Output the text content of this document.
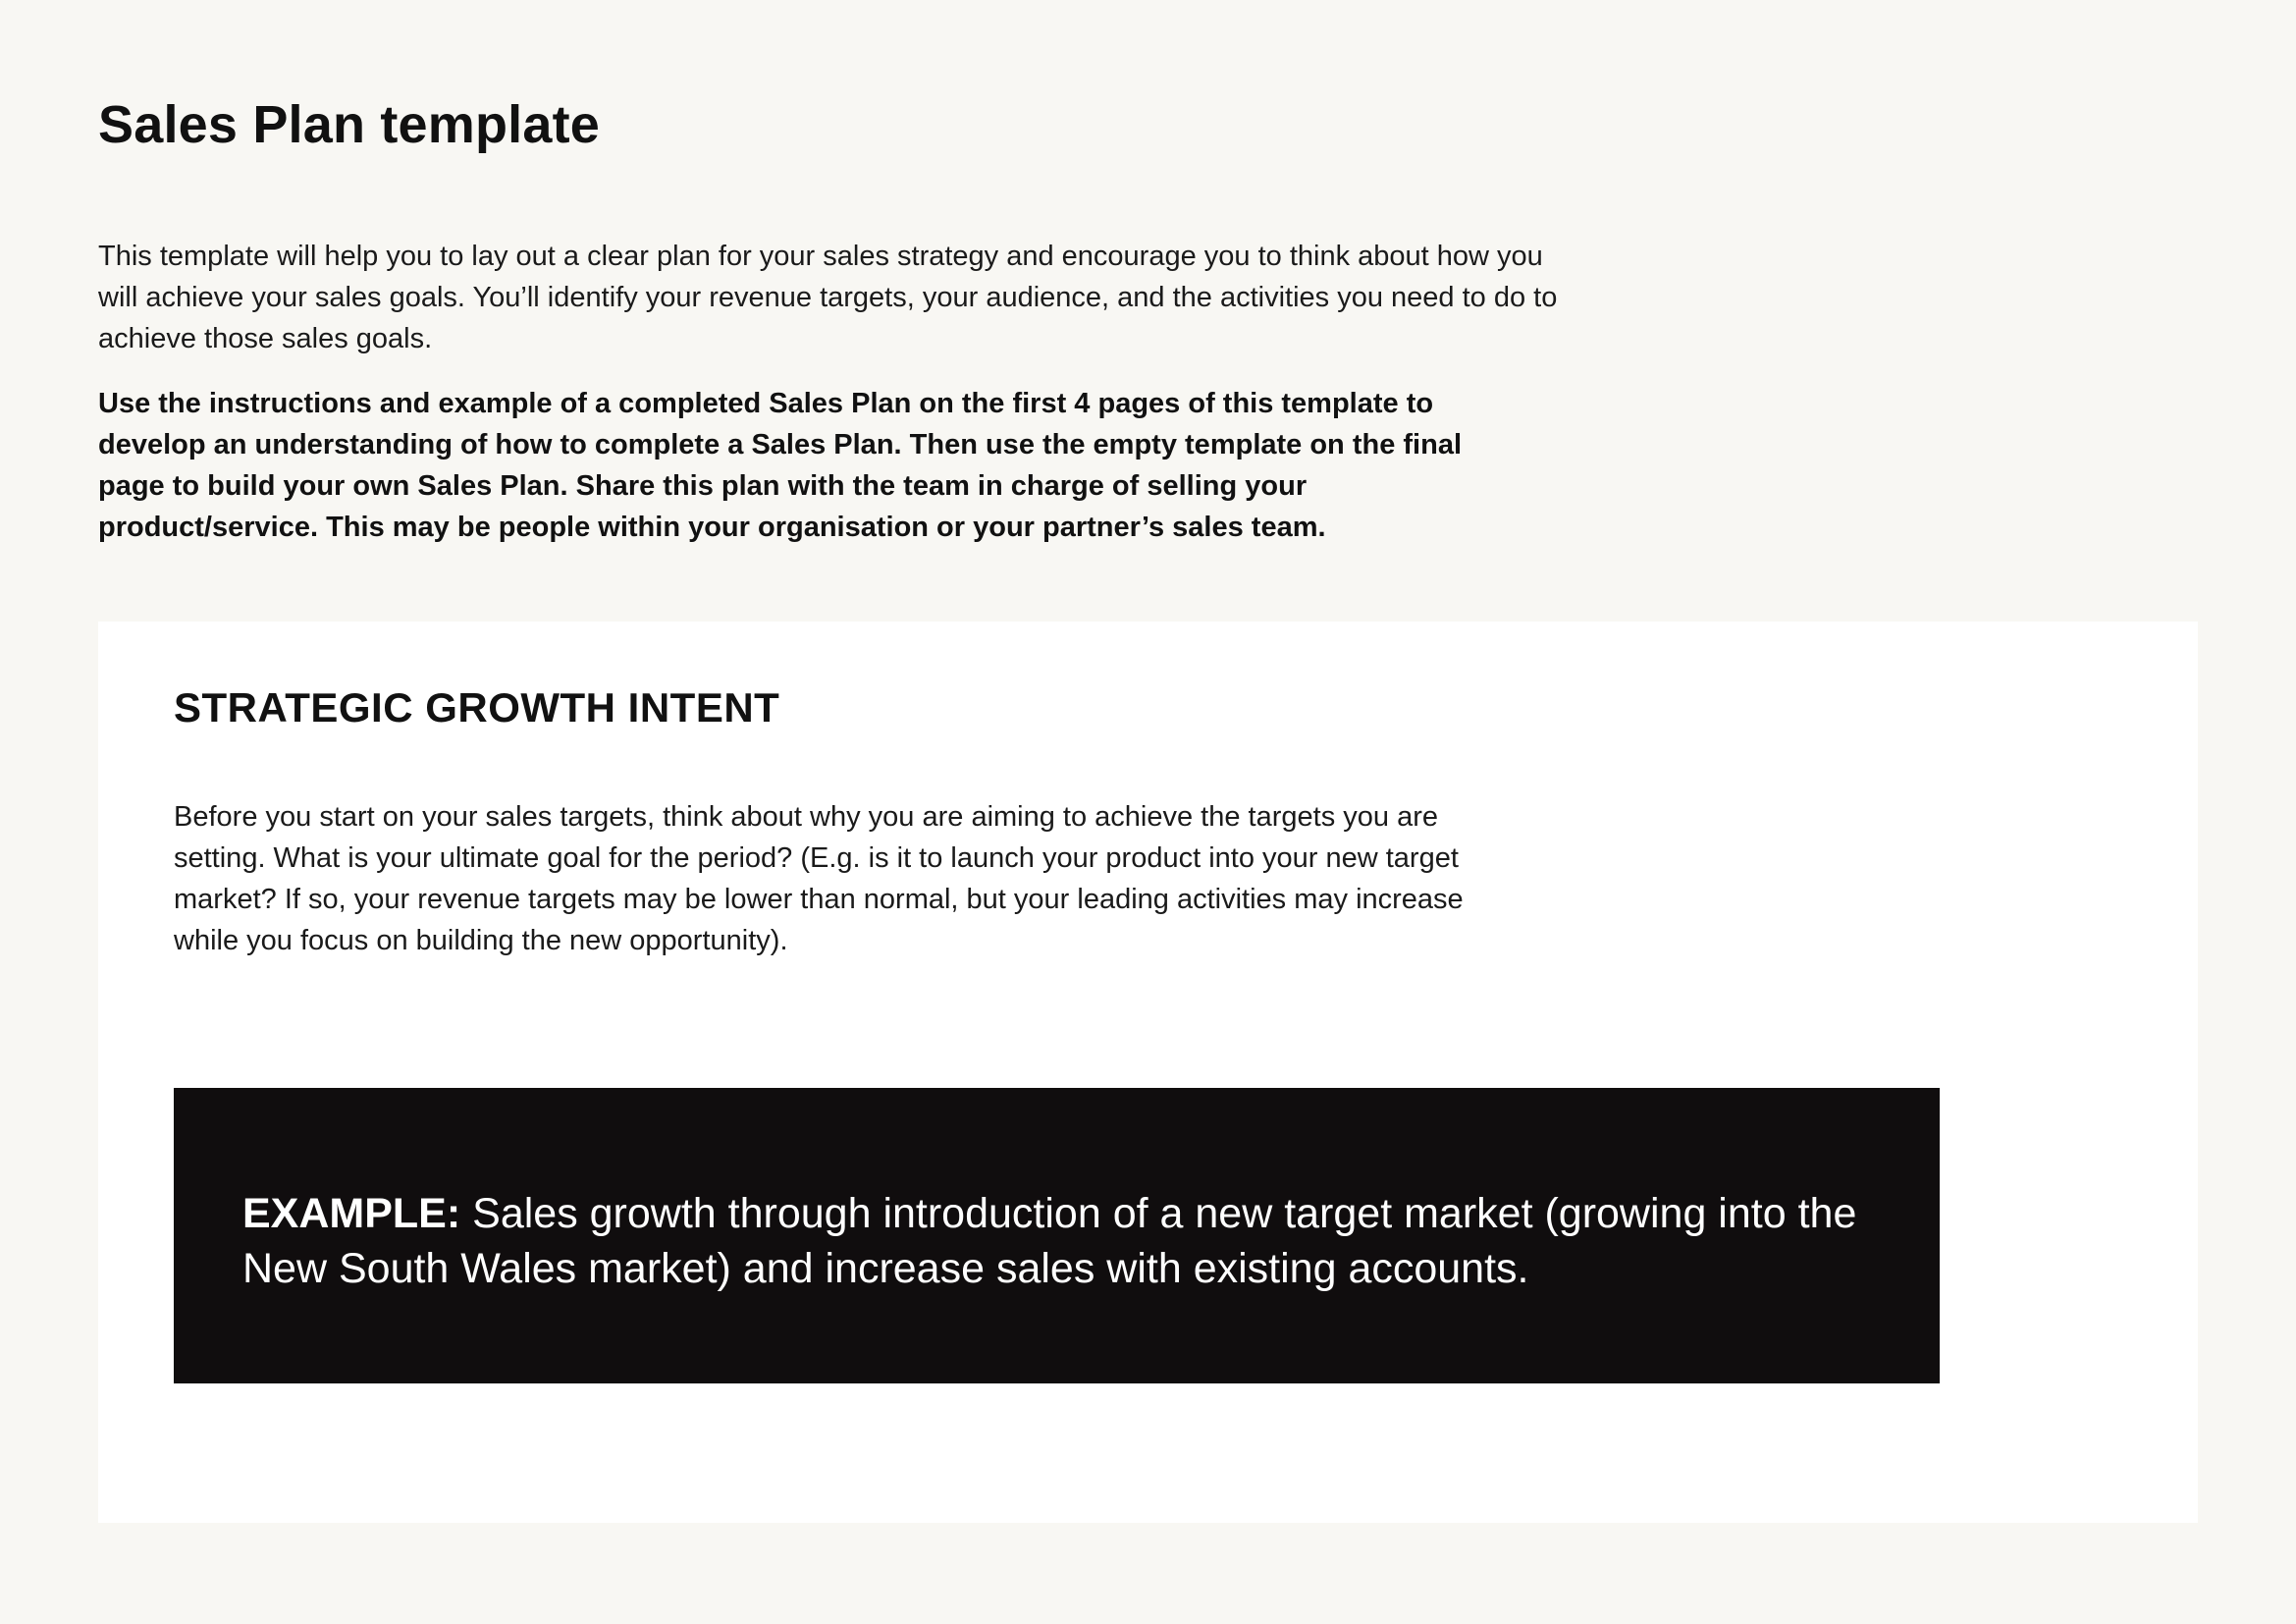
Sales Plan template

This template will help you to lay out a clear plan for your sales strategy and encourage you to think about how you will achieve your sales goals. You’ll identify your revenue targets, your audience, and the activities you need to do to achieve those sales goals.

Use the instructions and example of a completed Sales Plan on the first 4 pages of this template to develop an understanding of how to complete a Sales Plan. Then use the empty template on the final page to build your own Sales Plan. Share this plan with the team in charge of selling your product/service. This may be people within your organisation or your partner’s sales team.

STRATEGIC GROWTH INTENT

Before you start on your sales targets, think about why you are aiming to achieve the targets you are setting. What is your ultimate goal for the period? (E.g. is it to launch your product into your new target market? If so, your revenue targets may be lower than normal, but your leading activities may increase while you focus on building the new opportunity).

EXAMPLE: Sales growth through introduction of a new target market (growing into the New South Wales market) and increase sales with existing accounts.
